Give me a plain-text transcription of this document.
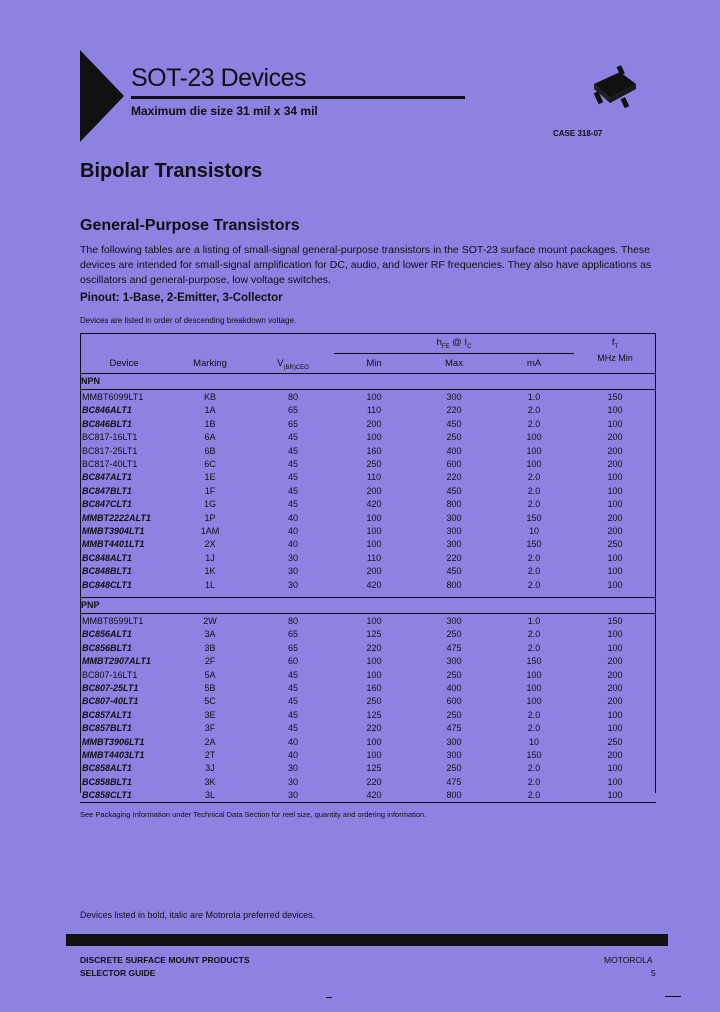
SOT-23 Devices
Maximum die size 31 mil x 34 mil
CASE 318-07
Bipolar Transistors
General-Purpose Transistors
The following tables are a listing of small-signal general-purpose transistors in the SOT-23 surface mount packages. These devices are intended for small-signal amplification for DC, audio, and lower RF frequencies. They also have applications as oscillators and general-purpose, low voltage switches.
Pinout: 1-Base, 2-Emitter, 3-Collector
Devices are listed in order of descending breakdown voltage.
$h_{FE}$ @ $I_C$	$f_T$
Device	Marking	$V_{(BR)CEO}$	Min	Max	mA	MHz Min
NPN
MMBT6099LT1	KB	80	100	300	1.0	150
BC846ALT1	1A	65	110	220	2.0	100
BC846BLT1	1B	65	200	450	2.0	100
BC817-16LT1	6A	45	100	250	100	200
BC817-25LT1	6B	45	160	400	100	200
BC817-40LT1	6C	45	250	600	100	200
BC847ALT1	1E	45	110	220	2.0	100
BC847BLT1	1F	45	200	450	2.0	100
BC847CLT1	1G	45	420	800	2.0	100
MMBT2222ALT1	1P	40	100	300	150	200
MMBT3904LT1	1AM	40	100	300	10	200
MMBT4401LT1	2X	40	100	300	150	250
BC848ALT1	1J	30	110	220	2.0	100
BC848BLT1	1K	30	200	450	2.0	100
BC848CLT1	1L	30	420	800	2.0	100
PNP
MMBT8599LT1	2W	80	100	300	1.0	150
BC856ALT1	3A	65	125	250	2.0	100
BC856BLT1	3B	65	220	475	2.0	100
MMBT2907ALT1	2F	60	100	300	150	200
BC807-16LT1	5A	45	100	250	100	200
BC807-25LT1	5B	45	160	400	100	200
BC807-40LT1	5C	45	250	600	100	200
BC857ALT1	3E	45	125	250	2.0	100
BC857BLT1	3F	45	220	475	2.0	100
MMBT3906LT1	2A	40	100	300	10	250
MMBT4403LT1	2T	40	100	300	150	200
BC858ALT1	3J	30	125	250	2.0	100
BC858BLT1	3K	30	220	475	2.0	100
BC858CLT1	3L	30	420	800	2.0	100
See Packaging Information under Technical Data Section for reel size, quantity and ordering information.
Devices listed in bold, italic are Motorola preferred devices.
DISCRETE SURFACE MOUNT PRODUCTS
SELECTOR GUIDE
MOTOROLA
5
